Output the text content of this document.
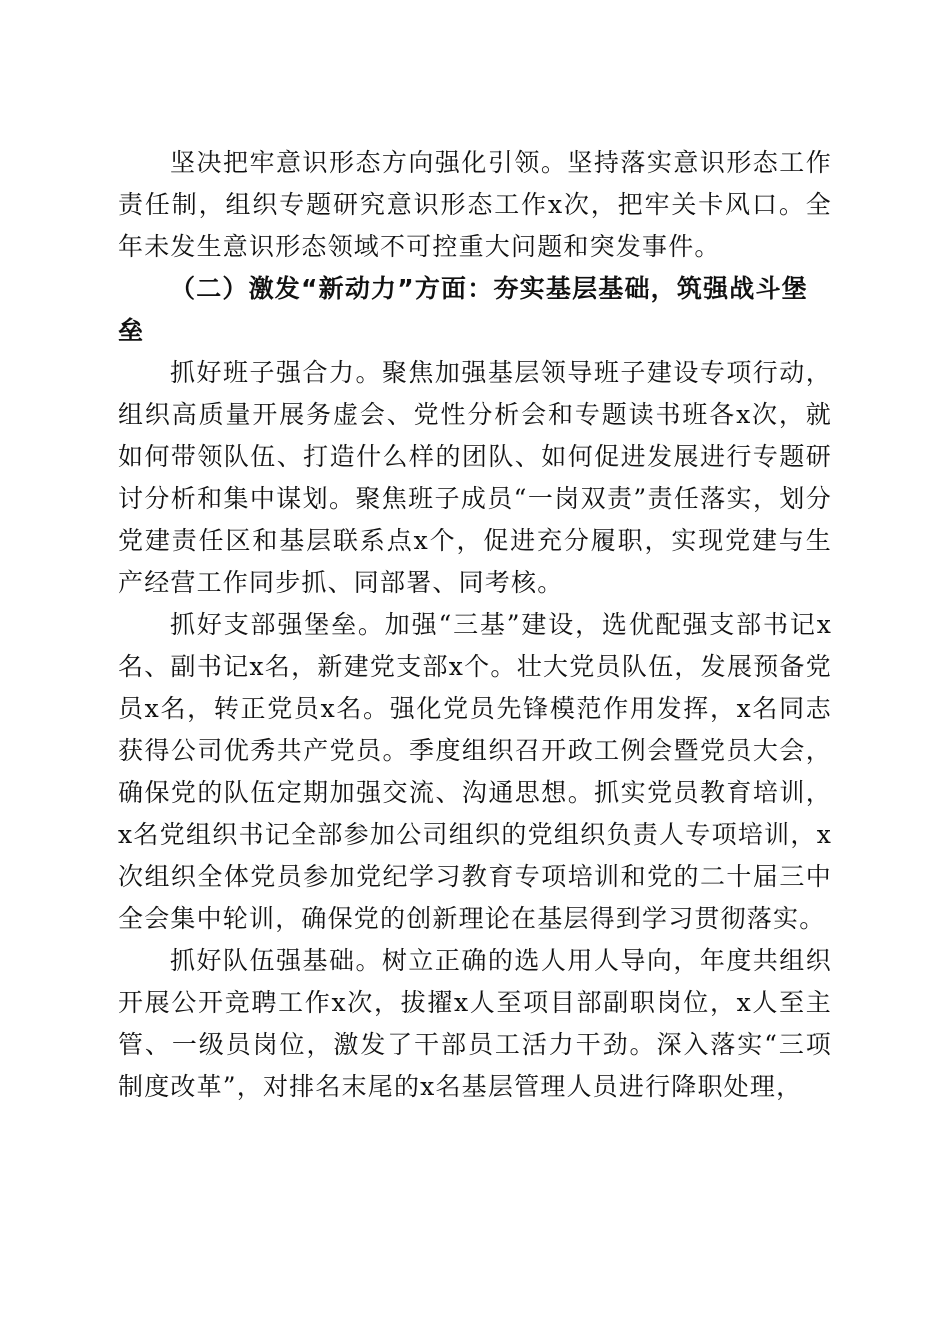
坚决把牢意识形态方向强化引领。坚持落实意识形态工作责任制，组织专题研究意识形态工作x次，把牢关卡风口。全年未发生意识形态领域不可控重大问题和突发事件。

（二）激发“新动力”方面：夯实基层基础，筑强战斗堡垒

抓好班子强合力。聚焦加强基层领导班子建设专项行动，组织高质量开展务虚会、党性分析会和专题读书班各x次，就如何带领队伍、打造什么样的团队、如何促进发展进行专题研讨分析和集中谋划。聚焦班子成员“一岗双责”责任落实，划分党建责任区和基层联系点x个，促进充分履职，实现党建与生产经营工作同步抓、同部署、同考核。

抓好支部强堡垒。加强“三基”建设，选优配强支部书记x名、副书记x名，新建党支部x个。壮大党员队伍，发展预备党员x名，转正党员x名。强化党员先锋模范作用发挥，x名同志获得公司优秀共产党员。季度组织召开政工例会暨党员大会，确保党的队伍定期加强交流、沟通思想。抓实党员教育培训，x名党组织书记全部参加公司组织的党组织负责人专项培训，x次组织全体党员参加党纪学习教育专项培训和党的二十届三中全会集中轮训，确保党的创新理论在基层得到学习贯彻落实。

抓好队伍强基础。树立正确的选人用人导向，年度共组织开展公开竞聘工作x次，拔擢x人至项目部副职岗位，x人至主管、一级员岗位，激发了干部员工活力干劲。深入落实“三项制度改革”，对排名末尾的x名基层管理人员进行降职处理，
